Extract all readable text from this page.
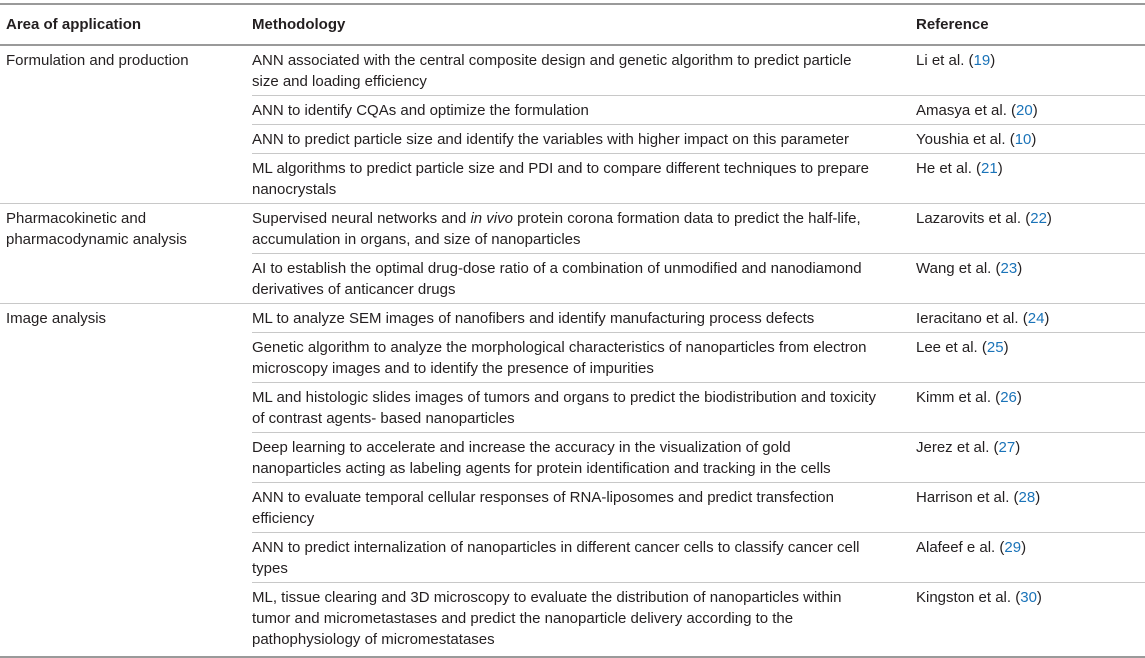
Area of application	Methodology	Reference
Formulation and production	ANN associated with the central composite design and genetic algorithm to predict particle size and loading efficiency	Li et al. (19)
	ANN to identify CQAs and optimize the formulation	Amasya et al. (20)
	ANN to predict particle size and identify the variables with higher impact on this parameter	Youshia et al. (10)
	ML algorithms to predict particle size and PDI and to compare different techniques to prepare nanocrystals	He et al. (21)
Pharmacokinetic and pharmacodynamic analysis	Supervised neural networks and in vivo protein corona formation data to predict the half-life, accumulation in organs, and size of nanoparticles	Lazarovits et al. (22)
	AI to establish the optimal drug-dose ratio of a combination of unmodified and nanodiamond derivatives of anticancer drugs	Wang et al. (23)
Image analysis	ML to analyze SEM images of nanofibers and identify manufacturing process defects	Ieracitano et al. (24)
	Genetic algorithm to analyze the morphological characteristics of nanoparticles from electron microscopy images and to identify the presence of impurities	Lee et al. (25)
	ML and histologic slides images of tumors and organs to predict the biodistribution and toxicity of contrast agents- based nanoparticles	Kimm et al. (26)
	Deep learning to accelerate and increase the accuracy in the visualization of gold nanoparticles acting as labeling agents for protein identification and tracking in the cells	Jerez et al. (27)
	ANN to evaluate temporal cellular responses of RNA-liposomes and predict transfection efficiency	Harrison et al. (28)
	ANN to predict internalization of nanoparticles in different cancer cells to classify cancer cell types	Alafeef e al. (29)
	ML, tissue clearing and 3D microscopy to evaluate the distribution of nanoparticles within tumor and micrometastases and predict the nanoparticle delivery according to the pathophysiology of micromestatases	Kingston et al. (30)
